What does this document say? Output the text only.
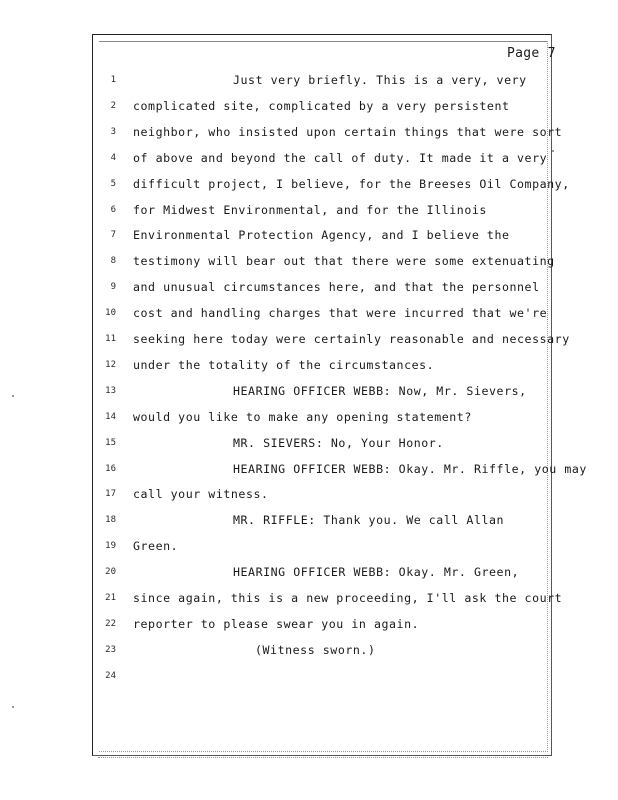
Page 7
1	Just very briefly. This is a very, very
2 complicated site, complicated by a very persistent
3 neighbor, who insisted upon certain things that were sort
4 of above and beyond the call of duty. It made it a very
5 difficult project, I believe, for the Breeses Oil Company,
6 for Midwest Environmental, and for the Illinois
7 Environmental Protection Agency, and I believe the
8 testimony will bear out that there were some extenuating
9 and unusual circumstances here, and that the personnel
10 cost and handling charges that were incurred that we're
11 seeking here today were certainly reasonable and necessary
12 under the totality of the circumstances.
13	HEARING OFFICER WEBB: Now, Mr. Sievers,
14 would you like to make any opening statement?
15	MR. SIEVERS: No, Your Honor.
16	HEARING OFFICER WEBB: Okay. Mr. Riffle, you may
17 call your witness.
18	MR. RIFFLE: Thank you. We call Allan
19 Green.
20	HEARING OFFICER WEBB: Okay. Mr. Green,
21 since again, this is a new proceeding, I'll ask the court
22 reporter to please swear you in again.
23	(Witness sworn.)
24
